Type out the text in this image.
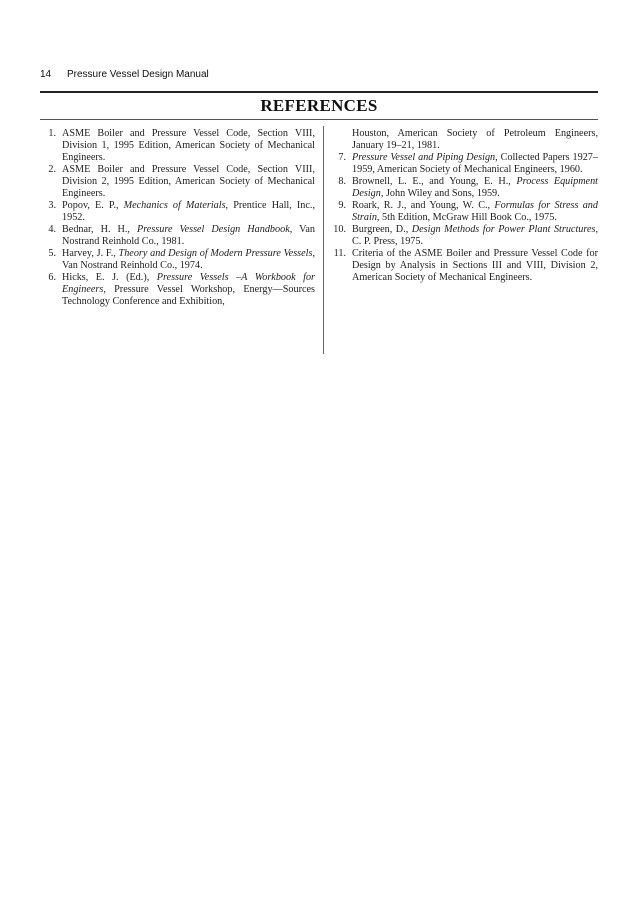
14 Pressure Vessel Design Manual
REFERENCES
1. ASME Boiler and Pressure Vessel Code, Section VIII, Division 1, 1995 Edition, American Society of Mechanical Engineers.
2. ASME Boiler and Pressure Vessel Code, Section VIII, Division 2, 1995 Edition, American Society of Mechanical Engineers.
3. Popov, E. P., Mechanics of Materials, Prentice Hall, Inc., 1952.
4. Bednar, H. H., Pressure Vessel Design Handbook, Van Nostrand Reinhold Co., 1981.
5. Harvey, J. F., Theory and Design of Modern Pressure Vessels, Van Nostrand Reinhold Co., 1974.
6. Hicks, E. J. (Ed.), Pressure Vessels –A Workbook for Engineers, Pressure Vessel Workshop, Energy—Sources Technology Conference and Exhibition,
Houston, American Society of Petroleum Engineers, January 19–21, 1981.
7. Pressure Vessel and Piping Design, Collected Papers 1927–1959, American Society of Mechanical Engineers, 1960.
8. Brownell, L. E., and Young, E. H., Process Equipment Design, John Wiley and Sons, 1959.
9. Roark, R. J., and Young, W. C., Formulas for Stress and Strain, 5th Edition, McGraw Hill Book Co., 1975.
10. Burgreen, D., Design Methods for Power Plant Structures, C. P. Press, 1975.
11. Criteria of the ASME Boiler and Pressure Vessel Code for Design by Analysis in Sections III and VIII, Division 2, American Society of Mechanical Engineers.
